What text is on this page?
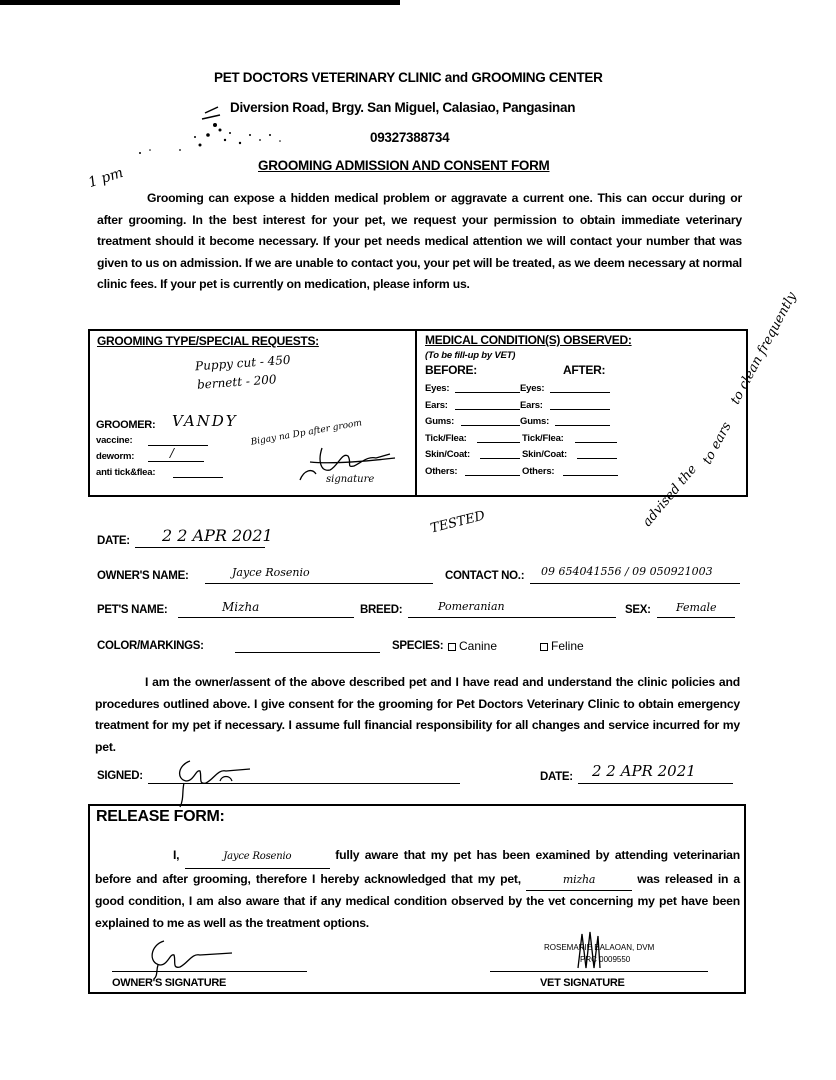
PET DOCTORS VETERINARY CLINIC and GROOMING CENTER
Diversion Road, Brgy. San Miguel, Calasiao, Pangasinan
09327388734
GROOMING ADMISSION AND CONSENT FORM
1 pm
Grooming can expose a hidden medical problem or aggravate a current one. This can occur during or after grooming. In the best interest for your pet, we request your permission to obtain immediate veterinary treatment should it become necessary. If your pet needs medical attention we will contact your number that was given to us on admission. If we are unable to contact you, your pet will be treated, as we deem necessary at normal clinic fees. If your pet is currently on medication, please inform us.
GROOMING TYPE/SPECIAL REQUESTS:
Puppy cut - 450
bernett - 200
GROOMER: VANDY
vaccine:
deworm:	/
anti tick&flea:
Bigay na Dp after groom
signature
MEDICAL CONDITION(S) OBSERVED:
(To be fill-up by VET)
BEFORE:	AFTER:
Eyes:	Eyes:
Ears:	Ears:
Gums:	Gums:
Tick/Flea:	Tick/Flea:
Skin/Coat:	Skin/Coat:
Others:	Others:
to clean frequently
to ears
advised the
TESTED
DATE: 2 2 APR 2021
OWNER'S NAME:	Jayce Rosenio	CONTACT NO.: 09 654041556 / 09 050921003
PET'S NAME:	Mizha	BREED:	Pomeranian	SEX: Female
COLOR/MARKINGS:	SPECIES:	Canine	Feline
I am the owner/assent of the above described pet and I have read and understand the clinic policies and procedures outlined above. I give consent for the grooming for Pet Doctors Veterinary Clinic to obtain emergency treatment for my pet if necessary. I assume full financial responsibility for all changes and service incurred for my pet.
SIGNED:	DATE: 2 2 APR 2021
RELEASE FORM:
I,	Jayce Rosenio	fully aware that my pet has been examined by attending veterinarian before and after grooming, therefore I hereby acknowledged that my pet,	mizha	was released in a good condition, I am also aware that if any medical condition observed by the vet concerning my pet have been explained to me as well as the treatment options.
OWNER'S SIGNATURE
ROSEMARIE BALAOAN, DVM
PRC 0009550
VET SIGNATURE
